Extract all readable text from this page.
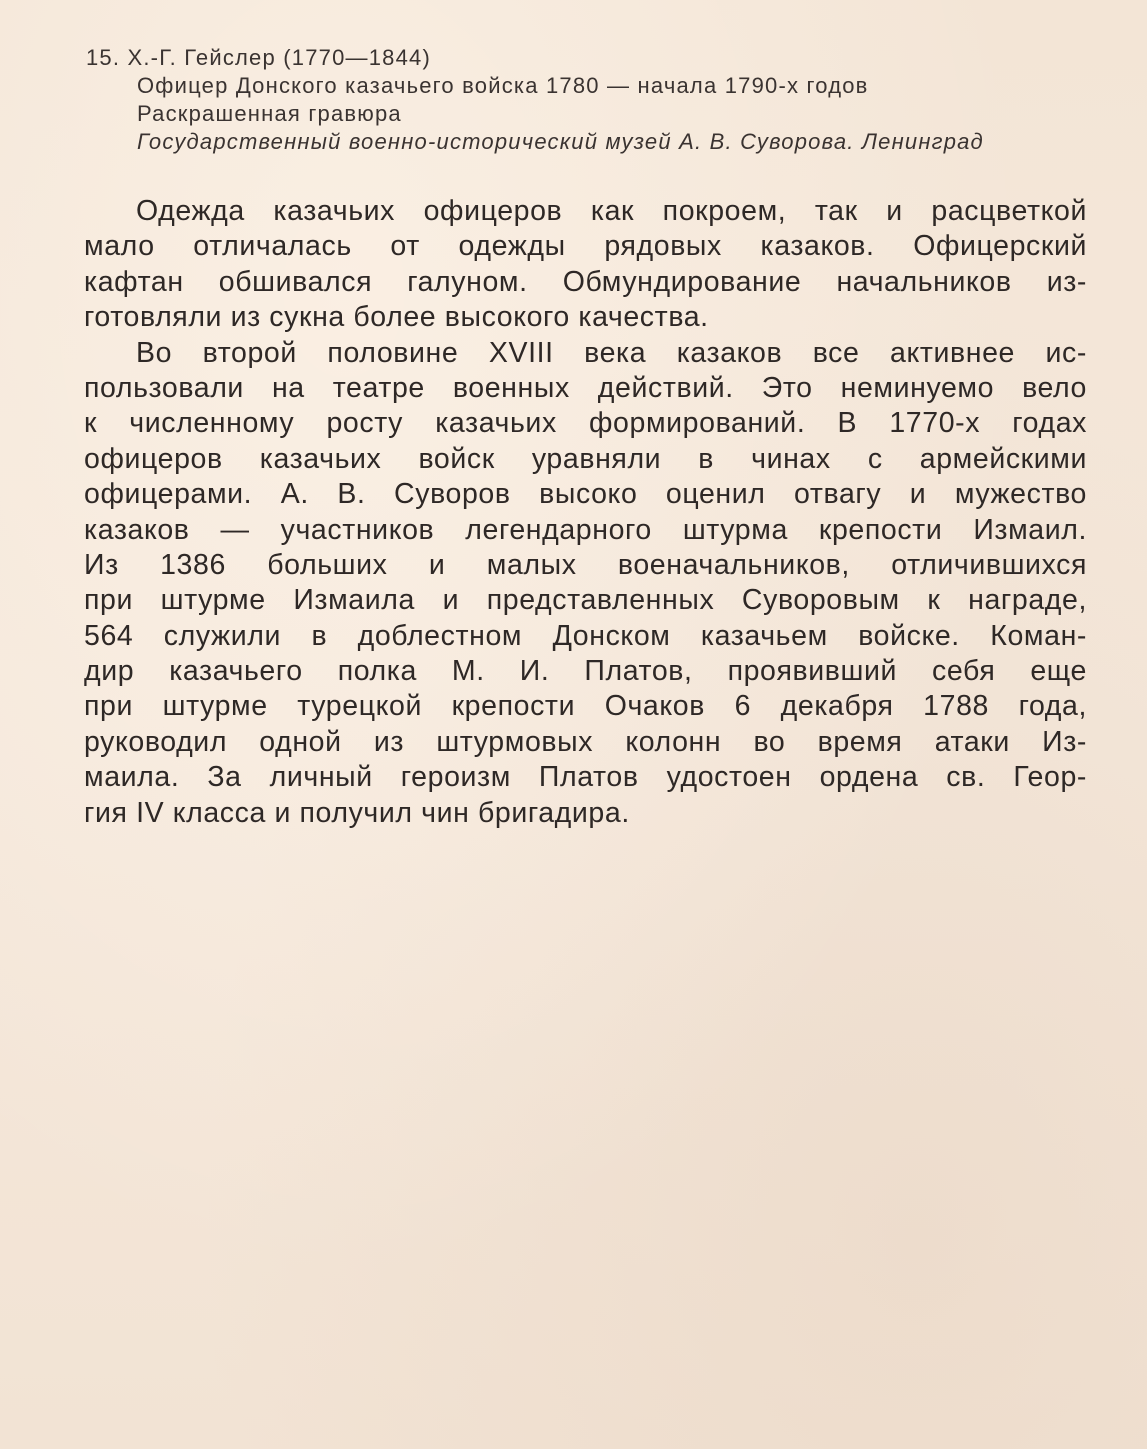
15. Х.-Г. Гейслер (1770—1844)
Офицер Донского казачьего войска 1780 — начала 1790-х годов
Раскрашенная гравюра
Государственный военно-исторический музей А. В. Суворова. Ленинград
Одежда казачьих офицеров как покроем, так и расцветкой
мало отличалась от одежды рядовых казаков. Офицерский
кафтан обшивался галуном. Обмундирование начальников из-
готовляли из сукна более высокого качества.
Во второй половине XVIII века казаков все активнее ис-
пользовали на театре военных действий. Это неминуемо вело
к численному росту казачьих формирований. В 1770-х годах
офицеров казачьих войск уравняли в чинах с армейскими
офицерами. А. В. Суворов высоко оценил отвагу и мужество
казаков — участников легендарного штурма крепости Измаил.
Из 1386 больших и малых военачальников, отличившихся
при штурме Измаила и представленных Суворовым к награде,
564 служили в доблестном Донском казачьем войске. Коман-
дир казачьего полка М. И. Платов, проявивший себя еще
при штурме турецкой крепости Очаков 6 декабря 1788 года,
руководил одной из штурмовых колонн во время атаки Из-
маила. За личный героизм Платов удостоен ордена св. Геор-
гия IV класса и получил чин бригадира.
